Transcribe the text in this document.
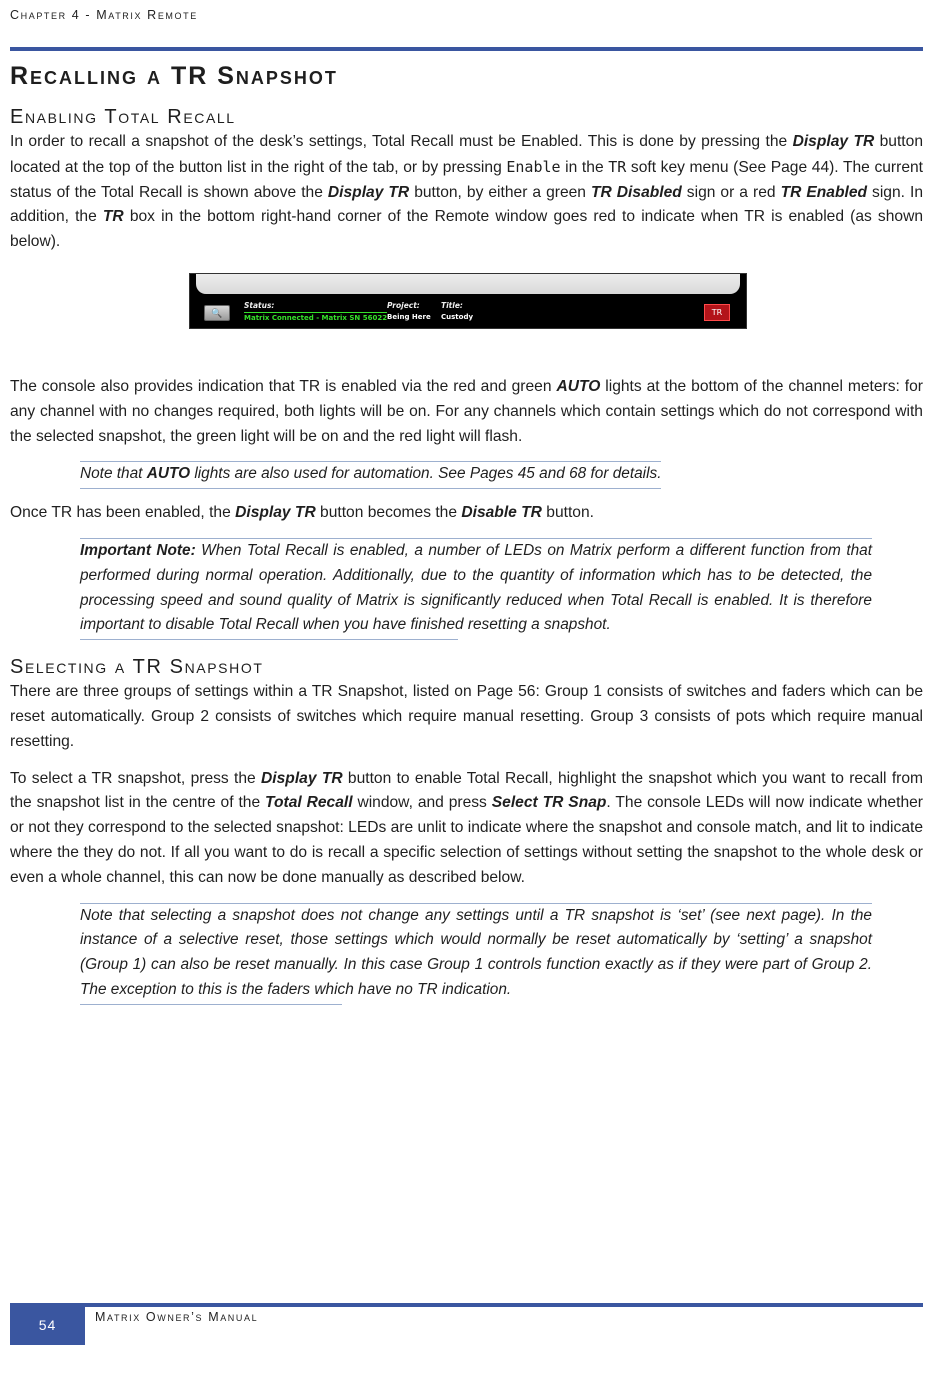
Chapter 4 - Matrix Remote
Recalling a TR Snapshot
Enabling Total Recall

In order to recall a snapshot of the desk’s settings, Total Recall must be Enabled. This is done by pressing the Display TR button located at the top of the button list in the right of the tab, or by pressing Enable in the TR soft key menu (See Page 44). The current status of the Total Recall is shown above the Display TR button, by either a green TR Disabled sign or a red TR Enabled sign. In addition, the TR box in the bottom right-hand corner of the Remote window goes red to indicate when TR is enabled (as shown below).

🔍
Status:
Matrix Connected - Matrix SN 56022
Project:
Being Here
Title:
Custody	TR

The console also provides indication that TR is enabled via the red and green AUTO lights at the bottom of the channel meters: for any channel with no changes required, both lights will be on. For any channels which contain settings which do not correspond with the selected snapshot, the green light will be on and the red light will flash.

Note that AUTO lights are also used for automation. See Pages 45 and 68 for details.

Once TR has been enabled, the Display TR button becomes the Disable TR button.

Important Note: When Total Recall is enabled, a number of LEDs on Matrix perform a different function from that performed during normal operation. Additionally, due to the quantity of information which has to be detected, the processing speed and sound quality of Matrix is significantly reduced when Total Recall is enabled. It is therefore important to disable Total Recall when you have finished resetting a snapshot.
Selecting a TR Snapshot

There are three groups of settings within a TR Snapshot, listed on Page 56: Group 1 consists of switches and faders which can be reset automatically. Group 2 consists of switches which require manual resetting. Group 3 consists of pots which require manual resetting.

To select a TR snapshot, press the Display TR button to enable Total Recall, highlight the snapshot which you want to recall from the snapshot list in the centre of the Total Recall window, and press Select TR Snap. The console LEDs will now indicate whether or not they correspond to the selected snapshot: LEDs are unlit to indicate where the snapshot and console match, and lit to indicate where the they do not. If all you want to do is recall a specific selection of settings without setting the snapshot to the whole desk or even a whole channel, this can now be done manually as described below.

Note that selecting a snapshot does not change any settings until a TR snapshot is ‘set’ (see next page). In the instance of a selective reset, those settings which would normally be reset automatically by ‘setting’ a snapshot (Group 1) can also be reset manually. In this case Group 1 controls function exactly as if they were part of Group 2. The exception to this is the faders which have no TR indication.
54	Matrix Owner’s Manual
